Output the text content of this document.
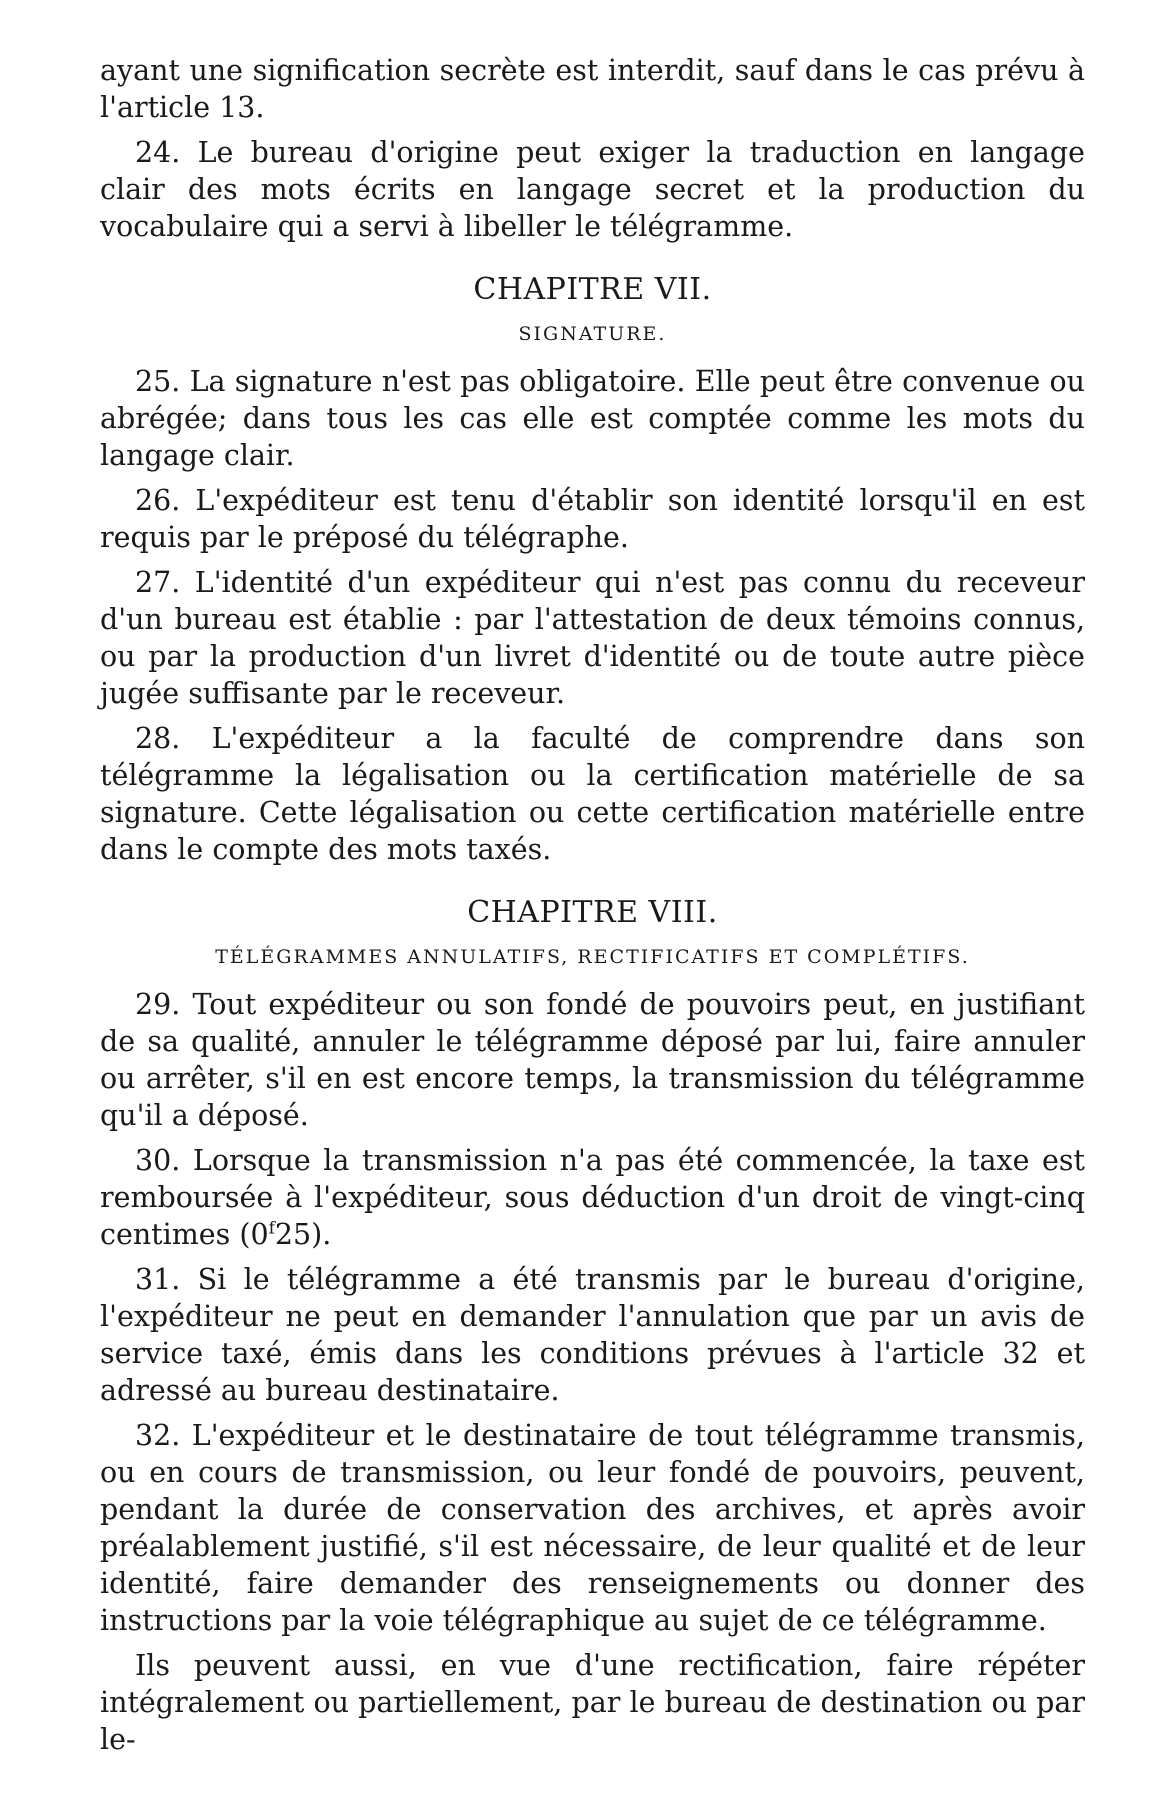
ayant une signification secrète est interdit, sauf dans le cas prévu à l'article 13.

24. Le bureau d'origine peut exiger la traduction en langage clair des mots écrits en langage secret et la production du vocabulaire qui a servi à libeller le télégramme.

CHAPITRE VII.
SIGNATURE.

25. La signature n'est pas obligatoire. Elle peut être convenue ou abrégée; dans tous les cas elle est comptée comme les mots du langage clair.

26. L'expéditeur est tenu d'établir son identité lorsqu'il en est requis par le préposé du télégraphe.

27. L'identité d'un expéditeur qui n'est pas connu du receveur d'un bureau est établie : par l'attestation de deux témoins connus, ou par la production d'un livret d'identité ou de toute autre pièce jugée suffisante par le receveur.

28. L'expéditeur a la faculté de comprendre dans son télégramme la légalisation ou la certification matérielle de sa signature. Cette légalisation ou cette certification matérielle entre dans le compte des mots taxés.

CHAPITRE VIII.
TÉLÉGRAMMES ANNULATIFS, RECTIFICATIFS ET COMPLÉTIFS.

29. Tout expéditeur ou son fondé de pouvoirs peut, en justifiant de sa qualité, annuler le télégramme déposé par lui, faire annuler ou arrêter, s'il en est encore temps, la transmission du télégramme qu'il a déposé.

30. Lorsque la transmission n'a pas été commencée, la taxe est remboursée à l'expéditeur, sous déduction d'un droit de vingt-cinq centimes (0$^f$25).

31. Si le télégramme a été transmis par le bureau d'origine, l'expéditeur ne peut en demander l'annulation que par un avis de service taxé, émis dans les conditions prévues à l'article 32 et adressé au bureau destinataire.

32. L'expéditeur et le destinataire de tout télégramme transmis, ou en cours de transmission, ou leur fondé de pouvoirs, peuvent, pendant la durée de conservation des archives, et après avoir préalablement justifié, s'il est nécessaire, de leur qualité et de leur identité, faire demander des renseignements ou donner des instructions par la voie télégraphique au sujet de ce télégramme.

Ils peuvent aussi, en vue d'une rectification, faire répéter intégralement ou partiellement, par le bureau de destination ou par le-
